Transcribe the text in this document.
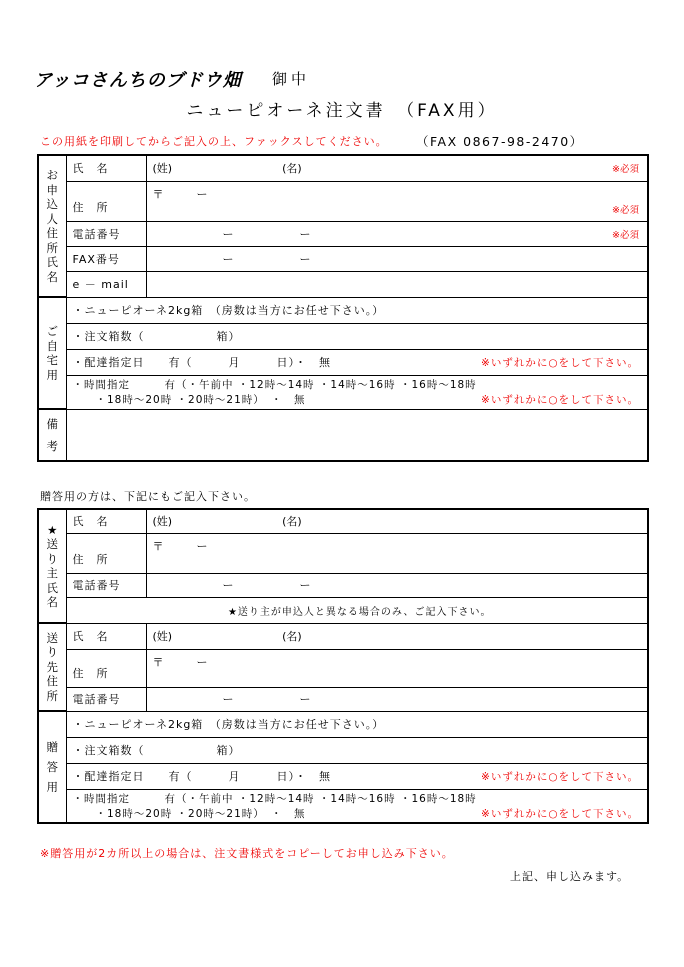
アッコさんちのブドウ畑 御中
ニューピオーネ注文書　（FAX用）
この用紙を印刷してからご記入の上、ファックスしてください。 （FAX 0867-98-2470）
お申込人住所氏名	氏　名	(姓) (名) ※必須

	住　所	〒　　　ー
※必須

	電話番号	ー　　　　　　ー ※必須

	FAX番号	ー　　　　　　ー
	e － mail	
ご自宅用	・ニューピオーネ2kg箱　（房数は当方にお任せ下さい。）	
	・注文箱数（　　　　　　箱）	

	・配達指定日　　有（　　　月　　　日）・　無 ※いずれかに○をして下さい。	

	・時間指定　　　有（・午前中 ・12時～14時 ・14時～16時 ・16時～18時
　　・18時～20時 ・20時～21時）　・　無 ※いずれかに○をして下さい。	

備考		
贈答用の方は、下記にもご記入下さい。
★
送り主氏名	氏　名	(姓) (名)
	住　所	〒　　　ー
	電話番号	ー　　　　　　ー
	★送り主が申込人と異なる場合のみ、ご記入下さい。	
送り先住所	氏　名	(姓) (名)
	住　所	〒　　　ー
	電話番号	ー　　　　　　ー
贈答用	・ニューピオーネ2kg箱　（房数は当方にお任せ下さい。）	
	・注文箱数（　　　　　　箱）	

	・配達指定日　　有（　　　月　　　日）・　無 ※いずれかに○をして下さい。	

	・時間指定　　　有（・午前中 ・12時～14時 ・14時～16時 ・16時～18時
　　・18時～20時 ・20時～21時）　・　無 ※いずれかに○をして下さい。	
※贈答用が2カ所以上の場合は、注文書様式をコピーしてお申し込み下さい。
上記、申し込みます。
